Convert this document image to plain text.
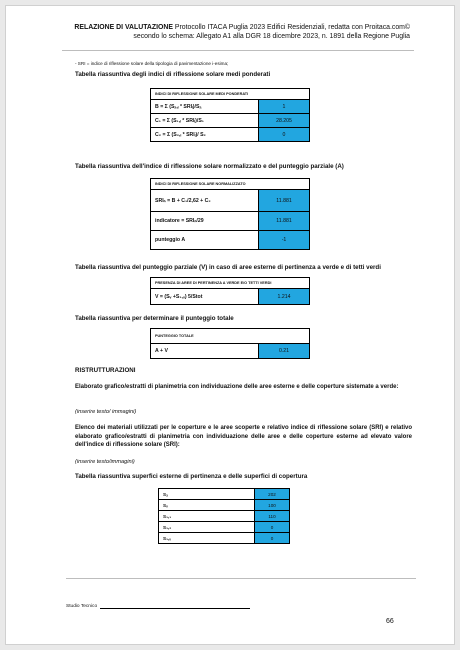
RELAZIONE DI VALUTAZIONE Protocollo ITACA Puglia 2023 Edifici Residenziali, redatta con Proitaca.com©
secondo lo schema: Allegato A1 alla DGR 18 dicembre 2023, n. 1891 della Regione Puglia
- SRI = indice di riflessione solare della tipologia di pavimentazione i-esima;
Tabella riassuntiva degli indici di riflessione solare medi ponderati
INDICI DI RIFLESSIONE SOLARE MEDI PONDERATI	
B = Σ (Sₐ,ᵢ * SRIᵢ)/Sₐ	1
C₁ = Σ (S₁,ᵢ * SRIᵢ)/S₁	28.205
C₂ = Σ (S₂,ᵢ * SRIᵢ)/ S₂	0
Tabella riassuntiva dell'indice di riflessione solare normalizzato e del punteggio parziale (A)
INDICI DI RIFLESSIONE SOLARE NORMALIZZATO	
SRIₙ = B + C₁/2,62 + C₂	11.881
indicatore = SRIₙ/29	11.881
punteggio A	-1
Tabella riassuntiva del punteggio parziale (V) in caso di aree esterne di pertinenza a verde e di tetti verdi
PRESENZA DI AREE DI PERTINENZA A VERDE E/O TETTI VERDI
V = (Sᵥ +S₁,ᵥ) 5/Stot	1.214
Tabella riassuntiva per determinare il punteggio totale
PUNTEGGIO TOTALE
A + V	0.21
RISTRUTTURAZIONI
Elaborato grafico/estratti di planimetria con individuazione delle aree esterne e delle coperture sistemate a verde:
(inserire testo/ immagini)
Elenco dei materiali utilizzati per le coperture e le aree scoperte e relativo indice di riflessione solare (SRI) e relativo elaborato grafico/estratti di planimetria con individuazione delle aree e delle coperture esterne ad elevato valore dell'indice di riflessione solare (SRI):
(inserire testo/immagini)
Tabella riassuntiva superfici esterne di pertinenza e delle superfici di copertura
Sₐ	202
Sᵥ	100
S₁,₁	110
S₁,₂	0
S₁,ᵥ	0
Studio Tecnico
66
